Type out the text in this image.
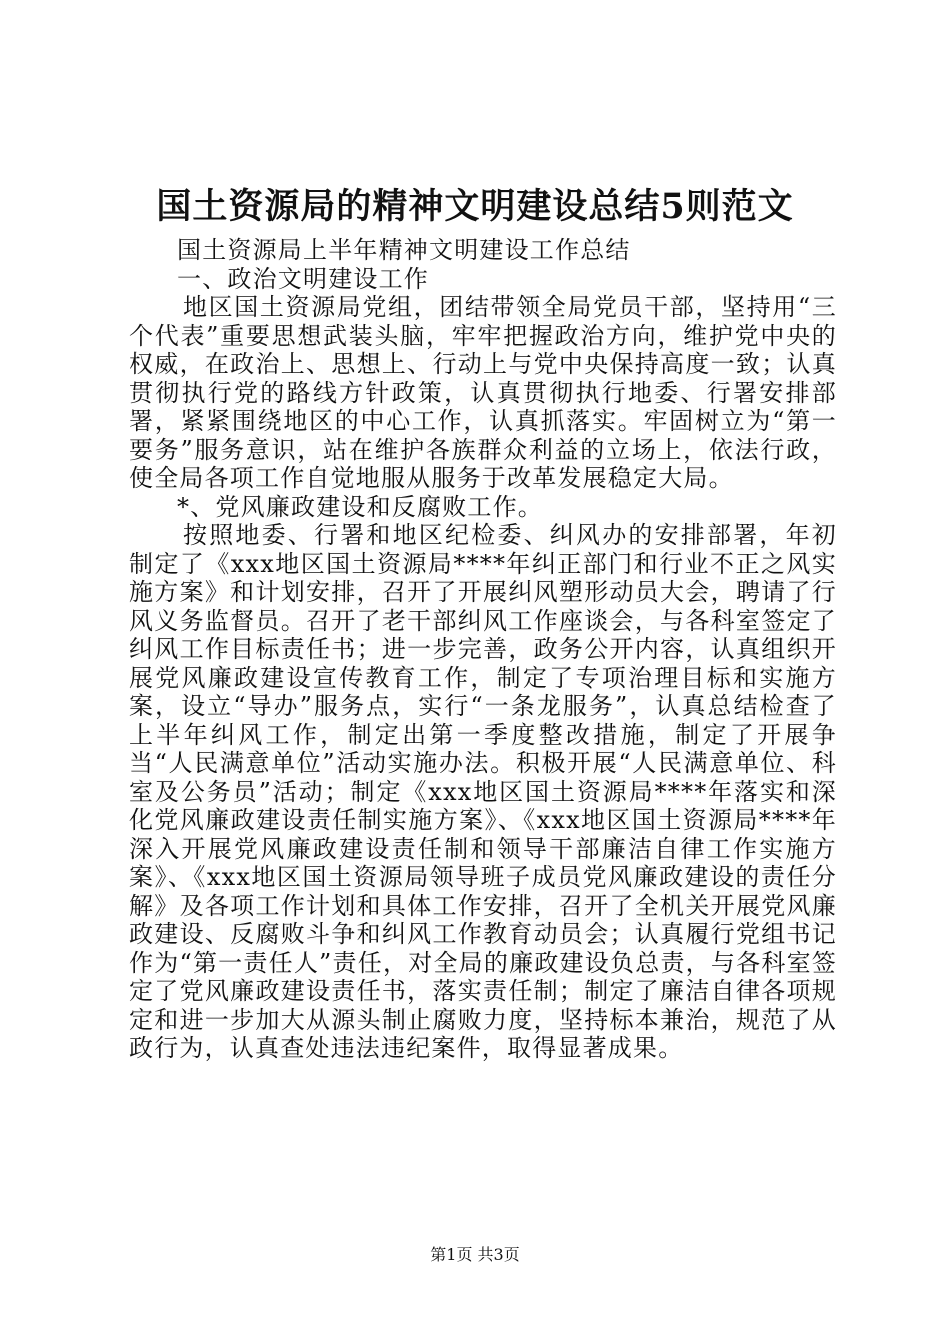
国土资源局的精神文明建设总结5则范文

国土资源局上半年精神文明建设工作总结

一、政治文明建设工作

地区国土资源局党组，团结带领全局党员干部，坚持用“三个代表”重要思想武装头脑，牢牢把握政治方向，维护党中央的权威，在政治上、思想上、行动上与党中央保持高度一致；认真贯彻执行党的路线方针政策，认真贯彻执行地委、行署安排部署，紧紧围绕地区的中心工作，认真抓落实。牢固树立为“第一要务”服务意识，站在维护各族群众利益的立场上，依法行政，使全局各项工作自觉地服从服务于改革发展稳定大局。

*、党风廉政建设和反腐败工作。

按照地委、行署和地区纪检委、纠风办的安排部署，年初制定了《xxx地区国土资源局****年纠正部门和行业不正之风实施方案》和计划安排，召开了开展纠风塑形动员大会，聘请了行风义务监督员。召开了老干部纠风工作座谈会，与各科室签定了纠风工作目标责任书；进一步完善，政务公开内容，认真组织开展党风廉政建设宣传教育工作，制定了专项治理目标和实施方案，设立“导办”服务点，实行“一条龙服务”，认真总结检查了上半年纠风工作，制定出第一季度整改措施，制定了开展争当“人民满意单位”活动实施办法。积极开展“人民满意单位、科室及公务员”活动；制定《xxx地区国土资源局****年落实和深化党风廉政建设责任制实施方案》、《xxx地区国土资源局****年深入开展党风廉政建设责任制和领导干部廉洁自律工作实施方案》、《xxx地区国土资源局领导班子成员党风廉政建设的责任分解》及各项工作计划和具体工作安排，召开了全机关开展党风廉政建设、反腐败斗争和纠风工作教育动员会；认真履行党组书记作为“第一责任人”责任，对全局的廉政建设负总责，与各科室签定了党风廉政建设责任书，落实责任制；制定了廉洁自律各项规定和进一步加大从源头制止腐败力度，坚持标本兼治，规范了从政行为，认真查处违法违纪案件，取得显著成果。

第1页 共3页
